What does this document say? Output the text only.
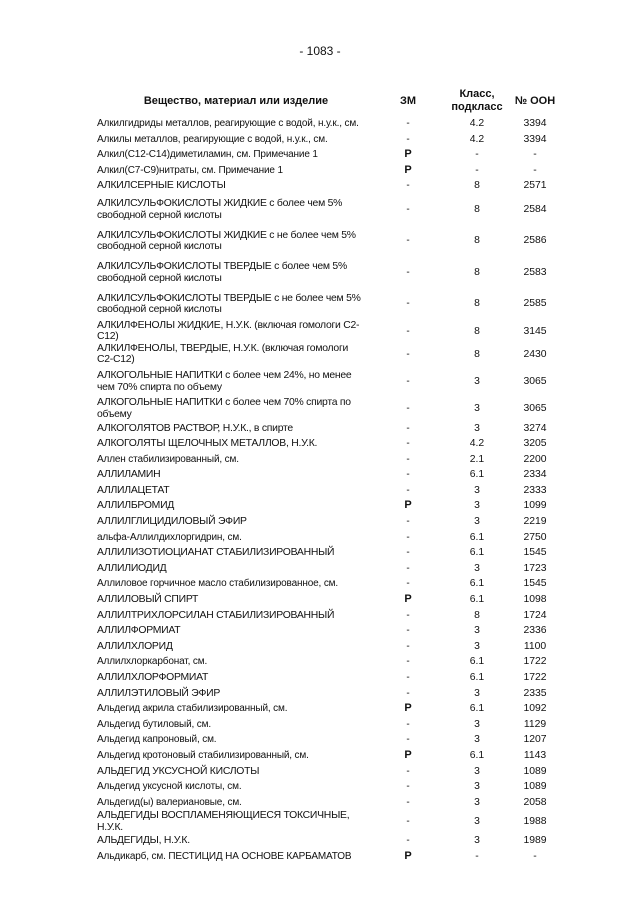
- 1083 -
Вещество, материал или изделие	ЗМ
Класс, подкласс	№ ООН
Алкилгидриды металлов, реагирующие с водой, н.у.к., см.	-	4.2	3394
Алкилы металлов, реагирующие с водой, н.у.к., см.	-	4.2	3394
Алкил(C12-C14)диметиламин, см. Примечание 1	P	-	-
Алкил(C7-C9)нитраты, см. Примечание 1	P	-	-
АЛКИЛСЕРНЫЕ КИСЛОТЫ	-	8	2571
АЛКИЛСУЛЬФОКИСЛОТЫ ЖИДКИЕ с более чем 5% свободной серной кислоты
-	8	2584
АЛКИЛСУЛЬФОКИСЛОТЫ ЖИДКИЕ с не более чем 5% свободной серной кислоты
-	8	2586
АЛКИЛСУЛЬФОКИСЛОТЫ ТВЕРДЫЕ с более чем 5% свободной серной кислоты
-	8	2583
АЛКИЛСУЛЬФОКИСЛОТЫ ТВЕРДЫЕ с не более чем 5% свободной серной кислоты
-	8	2585
АЛКИЛФЕНОЛЫ ЖИДКИЕ, Н.У.К. (включая гомологи C2-C12)
-	8	3145
АЛКИЛФЕНОЛЫ, ТВЕРДЫЕ, Н.У.К. (включая гомологи C2-C12)
-	8	2430
АЛКОГОЛЬНЫЕ НАПИТКИ с более чем 24%, но менее чем 70% спирта по объему
-	3	3065
АЛКОГОЛЬНЫЕ НАПИТКИ с более чем 70% спирта по объему
-	3	3065
АЛКОГОЛЯТОВ РАСТВОР, Н.У.К., в спирте	-	3	3274
АЛКОГОЛЯТЫ ЩЕЛОЧНЫХ МЕТАЛЛОВ, Н.У.К.	-	4.2	3205
Аллен стабилизированный, см.	-	2.1	2200
АЛЛИЛАМИН	-	6.1	2334
АЛЛИЛАЦЕТАТ	-	3	2333
АЛЛИЛБРОМИД	P	3	1099
АЛЛИЛГЛИЦИДИЛОВЫЙ ЭФИР	-	3	2219
альфа-Аллилдихлоргидрин, см.	-	6.1	2750
АЛЛИЛИЗОТИОЦИАНАТ СТАБИЛИЗИРОВАННЫЙ	-	6.1	1545
АЛЛИЛИОДИД	-	3	1723
Аллиловое горчичное масло стабилизированное, см.	-	6.1	1545
АЛЛИЛОВЫЙ СПИРТ	P	6.1	1098
АЛЛИЛТРИХЛОРСИЛАН СТАБИЛИЗИРОВАННЫЙ	-	8	1724
АЛЛИЛФОРМИАТ	-	3	2336
АЛЛИЛХЛОРИД	-	3	1100
Аллилхлоркарбонат, см.	-	6.1	1722
АЛЛИЛХЛОРФОРМИАТ	-	6.1	1722
АЛЛИЛЭТИЛОВЫЙ ЭФИР	-	3	2335
Альдегид акрила стабилизированный, см.	P	6.1	1092
Альдегид бутиловый, см.	-	3	1129
Альдегид капроновый, см.	-	3	1207
Альдегид кротоновый стабилизированный, см.	P	6.1	1143
АЛЬДЕГИД УКСУСНОЙ КИСЛОТЫ	-	3	1089
Альдегид уксусной кислоты, см.	-	3	1089
Альдегид(ы) валериановые, см.	-	3	2058
АЛЬДЕГИДЫ ВОСПЛАМЕНЯЮЩИЕСЯ ТОКСИЧНЫЕ, Н.У.К.
-	3	1988
АЛЬДЕГИДЫ, Н.У.К.	-	3	1989
Альдикарб, см. ПЕСТИЦИД НА ОСНОВЕ КАРБАМАТОВ	P	-	-
